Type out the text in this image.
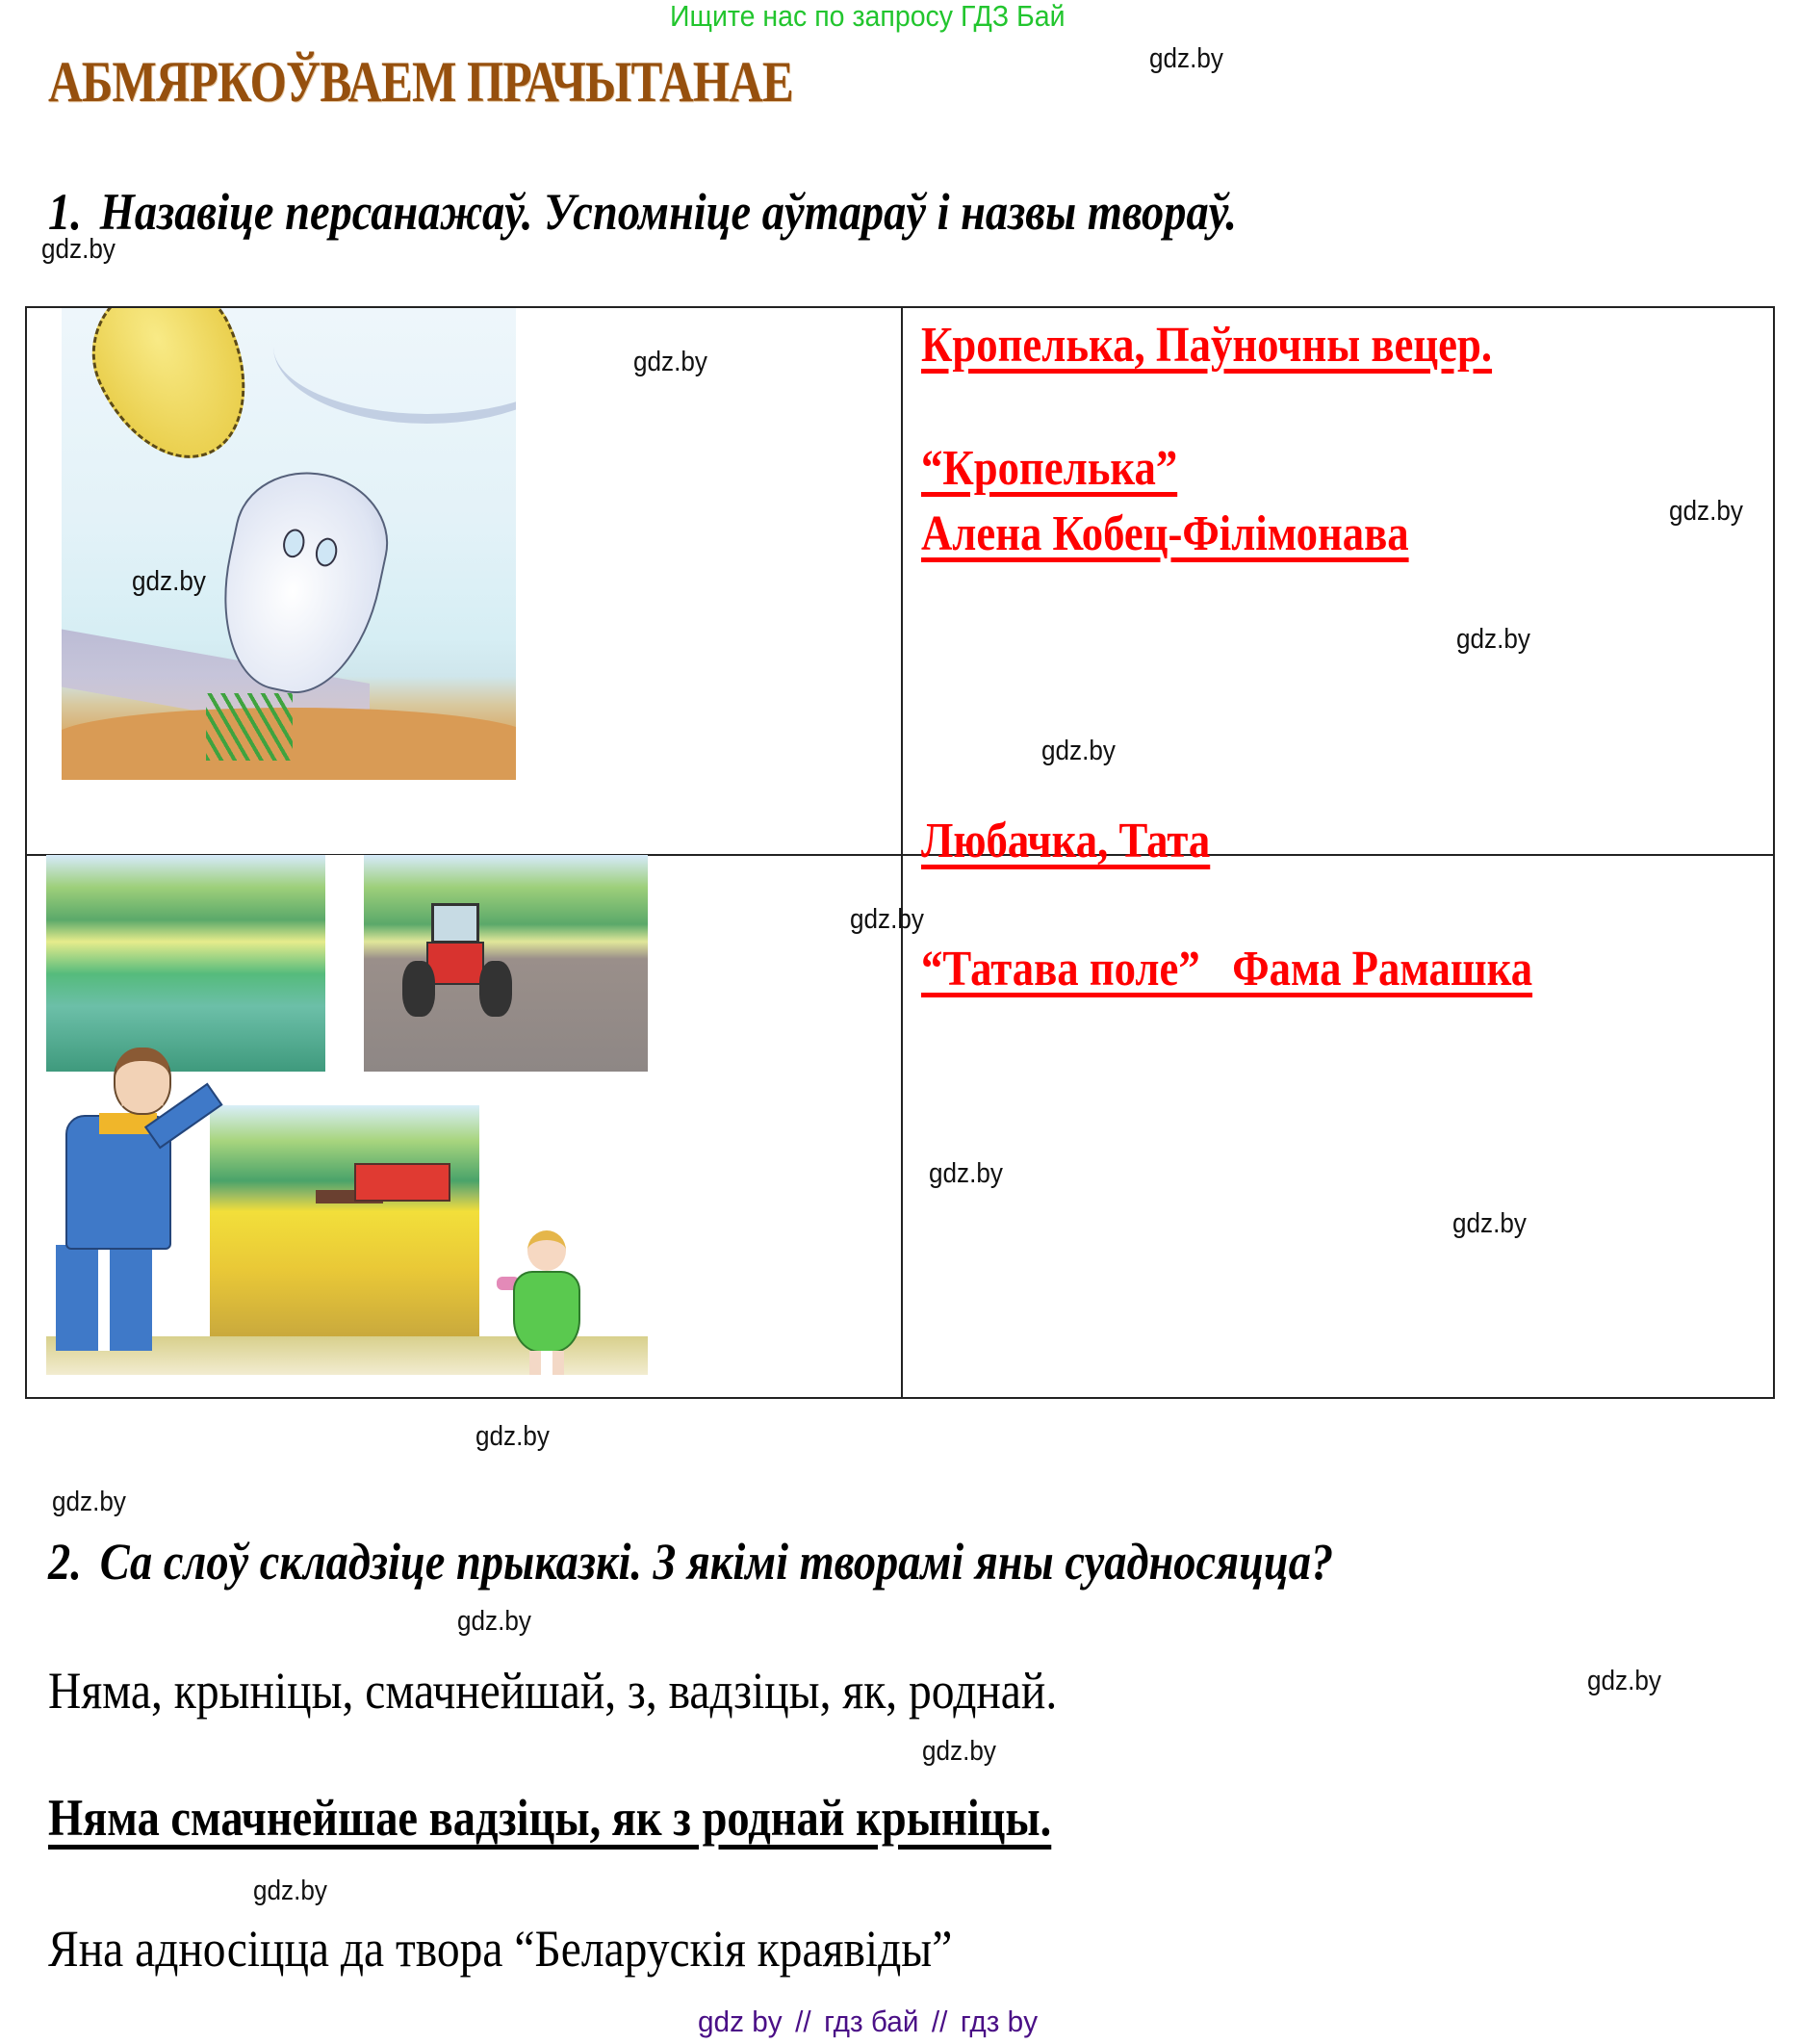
Ищите нас по запросу ГДЗ Бай
АБМЯРКОЎВАЕМ ПРАЧЫТАНАЕ
1. Назавіце персанажаў. Успомніце аўтараў і назвы твораў.
Кропелька, Паўночны вецер.
“Кропелька”
Алена Кобец-Філімонава
Любачка, Тата
“Татава поле”   Фама Рамашка
2. Са слоў складзіце прыказкі. З якімі творамі яны суадносяцца?
Няма, крыніцы, смачнейшай, з, вадзіцы, як, роднай.
Няма смачнейшае вадзіцы, як з роднай крыніцы.
Яна адносіцца да твора “Беларускія краявіды”
gdz.by
gdz.by
gdz.by
gdz.by
gdz.by
gdz.by
gdz.by
gdz.by
gdz.by
gdz.by
gdz.by
gdz.by
gdz.by
gdz.by
gdz.by
gdz.by
gdz by // гдз бай // гдз by
